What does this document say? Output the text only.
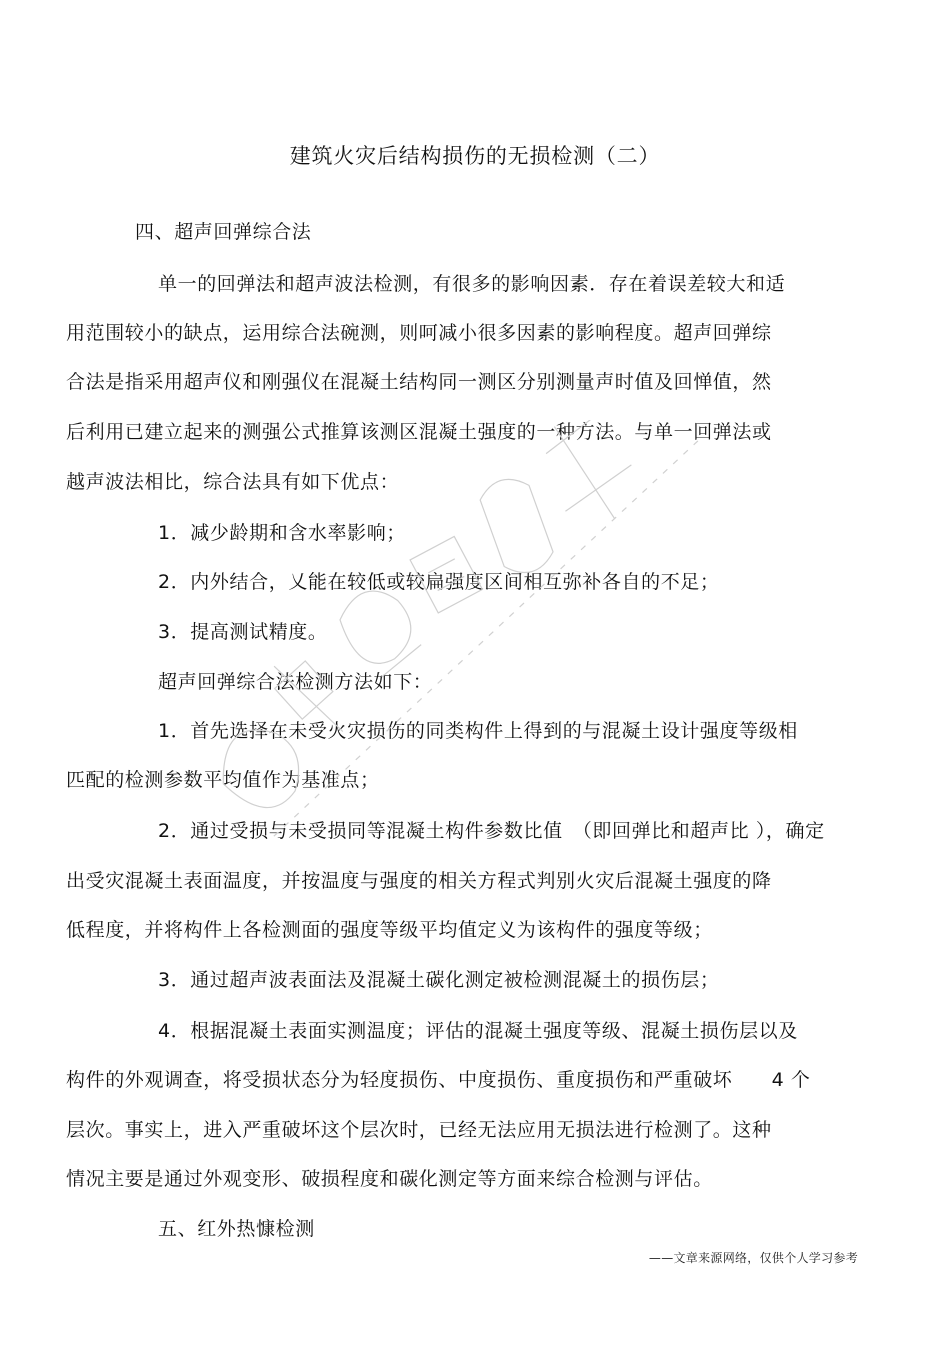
建筑火灾后结构损伤的无损检测（二）
四、超声回弹综合法
单一的回弹法和超声波法检测，有很多的影响因素．存在着误差较大和适
用范围较小的缺点，运用综合法碗测，则呵减小很多因素的影响程度。超声回弹综
合法是指采用超声仪和刚强仪在混凝土结构同一测区分别测量声时值及回惮值，然
后利用已建立起来的测强公式推算该测区混凝土强度的一种方法。与单一回弹法或
越声波法相比，综合法具有如下优点：
1．减少龄期和含水率影响；
2．内外结合，乂能在较低或较扁强度区间相互弥补各自的不足；
3．提高测试精度。
超声回弹综合法检测方法如下：
1．首先选择在未受火灾损伤的同类构件上得到的与混凝土设计强度等级相
匹配的检测参数平均值作为基准点；
2．通过受损与未受损同等混凝土构件参数比值　（即回弹比和超声比 ），确定
出受灾混凝土表面温度，并按温度与强度的相关方程式判别火灾后混凝土强度的降
低程度，并将构件上各检测面的强度等级平均值定义为该构件的强度等级；
3．通过超声波表面法及混凝土碳化测定被检测混凝土的损伤层；
4．根据混凝土表面实测温度；评估的混凝土强度等级、混凝土损伤层以及
构件的外观调查，将受损状态分为轻度损伤、中度损伤、重度损伤和严重破坏　　4 个
层次。事实上，进入严重破坏这个层次时，已经无法应用无损法进行检测了。这种
情况主要是通过外观变形、破损程度和碳化测定等方面来综合检测与评估。
五、红外热慷检测
——文章来源网络，仅供个人学习参考
